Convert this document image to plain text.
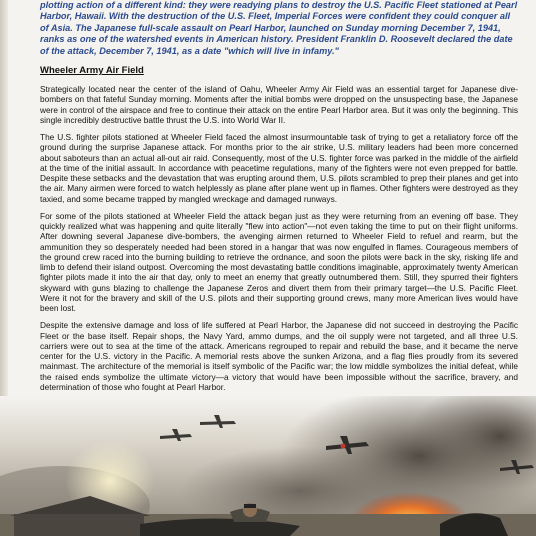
plotting action of a different kind: they were readying plans to destroy the U.S. Pacific Fleet stationed at Pearl Harbor, Hawaii. With the destruction of the U.S. Fleet, Imperial Forces were confident they could conquer all of Asia. The Japanese full-scale assault on Pearl Harbor, launched on Sunday morning December 7, 1941, ranks as one of the watershed events in American history. President Franklin D. Roosevelt declared the date of the attack, December 7, 1941, as a date "which will live in infamy."

Wheeler Army Air Field

Strategically located near the center of the island of Oahu, Wheeler Army Air Field was an essential target for Japanese dive-bombers on that fateful Sunday morning. Moments after the initial bombs were dropped on the unsuspecting base, the Japanese were in control of the airspace and free to continue their attack on the entire Pearl Harbor area. But it was only the beginning. This single incredibly destructive battle thrust the U.S. into World War II.

The U.S. fighter pilots stationed at Wheeler Field faced the almost insurmountable task of trying to get a retaliatory force off the ground during the surprise Japanese attack. For months prior to the air strike, U.S. military leaders had been more concerned about saboteurs than an actual all-out air raid. Consequently, most of the U.S. fighter force was parked in the middle of the airfield at the time of the initial assault. In accordance with peacetime regulations, many of the fighters were not even prepped for battle. Despite these setbacks and the devastation that was erupting around them, U.S. pilots scrambled to prep their planes and get into the air. Many airmen were forced to watch helplessly as plane after plane went up in flames. Other fighters were destroyed as they taxied, and some became trapped by mangled wreckage and damaged runways.

For some of the pilots stationed at Wheeler Field the attack began just as they were returning from an evening off base. They quickly realized what was happening and quite literally "flew into action"—not even taking the time to put on their flight uniforms. After downing several Japanese dive-bombers, the avenging airmen returned to Wheeler Field to refuel and rearm, but the ammunition they so desperately needed had been stored in a hangar that was now engulfed in flames. Courageous members of the ground crew raced into the burning building to retrieve the ordnance, and soon the pilots were back in the sky, risking life and limb to defend their island outpost. Overcoming the most devastating battle conditions imaginable, approximately twenty American fighter pilots made it into the air that day, only to meet an enemy that greatly outnumbered them. Still, they spurred their fighters skyward with guns blazing to challenge the Japanese Zeros and divert them from their primary target—the U.S. Pacific Fleet. Were it not for the bravery and skill of the U.S. pilots and their supporting ground crews, many more American lives would have been lost.

Despite the extensive damage and loss of life suffered at Pearl Harbor, the Japanese did not succeed in destroying the Pacific Fleet or the base itself. Repair shops, the Navy Yard, ammo dumps, and the oil supply were not targeted, and all three U.S. carriers were out to sea at the time of the attack. Americans regrouped to repair and rebuild the base, and it became the nerve center for the U.S. victory in the Pacific. A memorial rests above the sunken Arizona, and a flag flies proudly from its severed mainmast. The architecture of the memorial is itself symbolic of the Pacific war; the low middle symbolizes the initial defeat, while the raised ends symbolize the ultimate victory—a victory that would have been impossible without the sacrifice, bravery, and determination of those who fought at Pearl Harbor.
